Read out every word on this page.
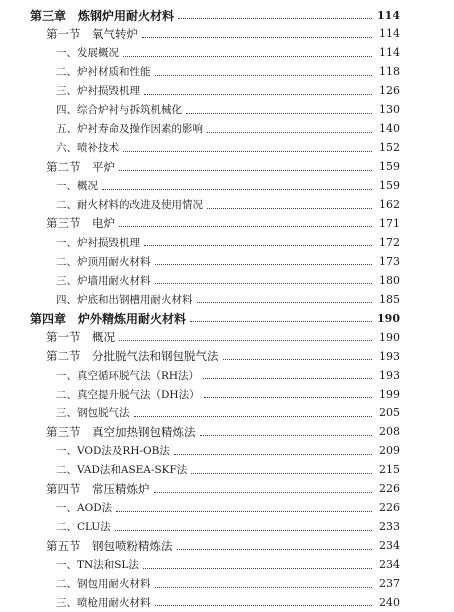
第三章　炼钢炉用耐火材料	114
第一节　氧气转炉	114
一、发展概况	114
二、炉衬材质和性能	118
三、炉衬损毁机理	126
四、综合炉衬与拆筑机械化	130
五、炉衬寿命及操作因素的影响	140
六、喷补技术	152
第二节　平炉	159
一、概况	159
二、耐火材料的改进及使用情况	162
第三节　电炉	171
一、炉衬损毁机理	172
二、炉顶用耐火材料	173
三、炉墙用耐火材料	180
四、炉底和出钢槽用耐火材料	185
第四章　炉外精炼用耐火材料	190
第一节　概况	190
第二节　分批脱气法和钢包脱气法	193
一、真空循环脱气法（RH法）	193
二、真空提升脱气法（DH法）	199
三、钢包脱气法	205
第三节　真空加热钢包精炼法	208
一、VOD法及RH-OB法	209
二、VAD法和ASEA-SKF法	215
第四节　常压精炼炉	226
一、AOD法	226
二、CLU法	233
第五节　钢包喷粉精炼法	234
一、TN法和SL法	234
二、钢包用耐火材料	237
三、喷枪用耐火材料	240
